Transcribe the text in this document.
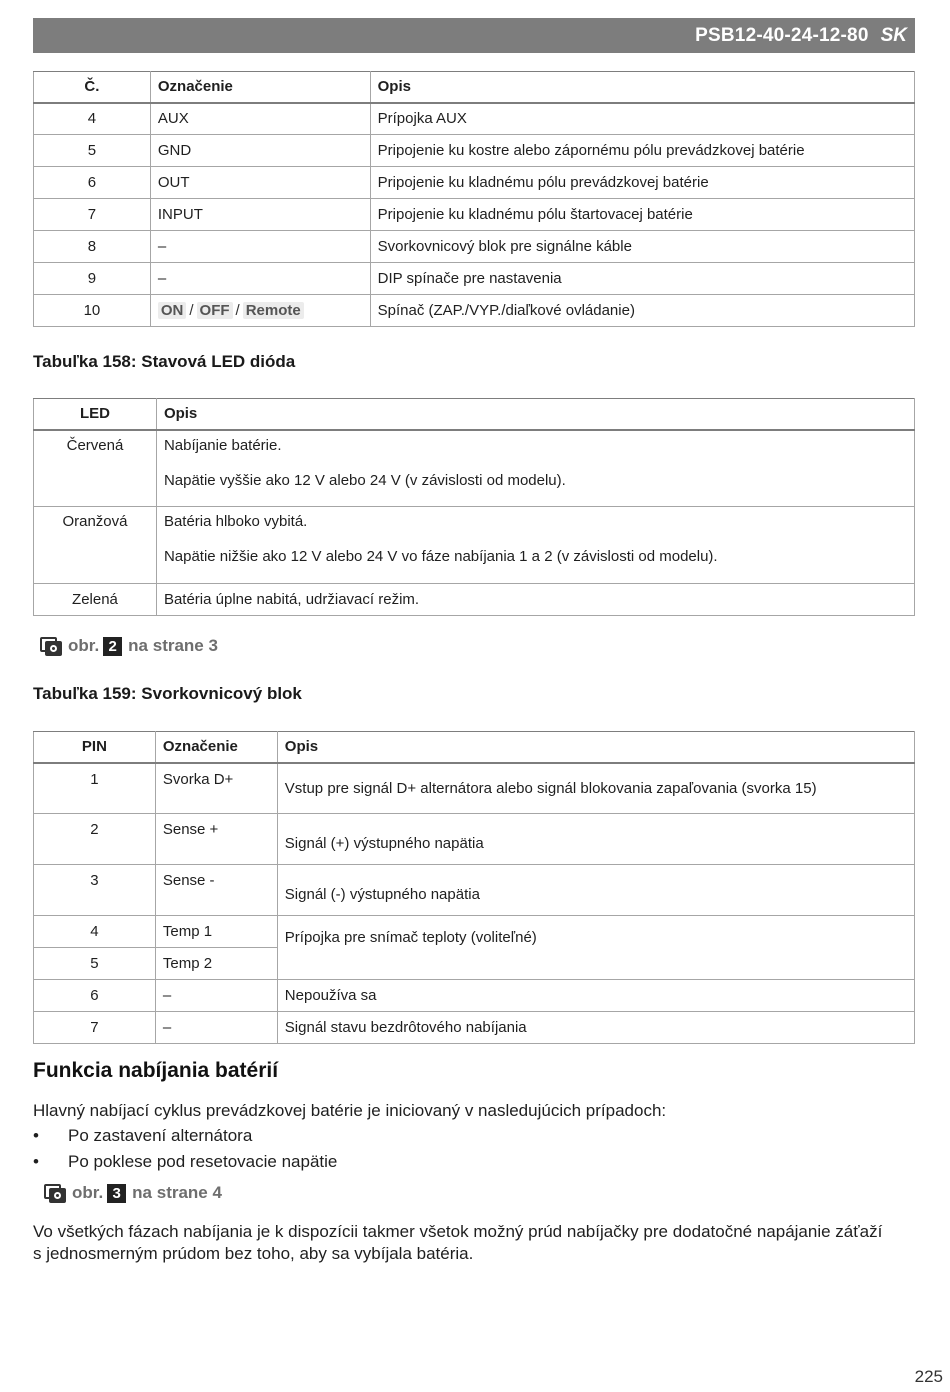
PSB12-40-24-12-80 SK
Č.	Označenie	Opis
4	AUX	Prípojka AUX
5	GND	Pripojenie ku kostre alebo zápornému pólu prevádzkovej batérie
6	OUT	Pripojenie ku kladnému pólu prevádzkovej batérie
7	INPUT	Pripojenie ku kladnému pólu štartovacej batérie
8	–	Svorkovnicový blok pre signálne káble
9	–	DIP spínače pre nastavenia
10	ON / OFF / Remote	Spínač (ZAP./VYP./diaľkové ovládanie)
Tabuľka 158: Stavová LED dióda
LED	Opis
Červená	Nabíjanie batérie.

Napätie vyššie ako 12 V alebo 24 V (v závislosti od modelu).

Oranžová	Batéria hlboko vybitá.

Napätie nižšie ako 12 V alebo 24 V vo fáze nabíjania 1 a 2 (v závislosti od modelu).

Zelená	Batéria úplne nabitá, udržiavací režim.
obr. 2 na strane 3
Tabuľka 159: Svorkovnicový blok
PIN	Označenie	Opis
1	Svorka D+	Vstup pre signál D+ alternátora alebo signál blokovania zapaľovania (svorka 15)
2	Sense +	Signál (+) výstupného napätia
3	Sense -	Signál (-) výstupného napätia
4	Temp 1	Prípojka pre snímač teploty (voliteľné)
5	Temp 2	
6	–	Nepoužíva sa
7	–	Signál stavu bezdrôtového nabíjania
Funkcia nabíjania batérií
Hlavný nabíjací cyklus prevádzkovej batérie je iniciovaný v nasledujúcich prípadoch:
•	Po zastavení alternátora
•	Po poklese pod resetovacie napätie
obr. 3 na strane 4
Vo všetkých fázach nabíjania je k dispozícii takmer všetok možný prúd nabíjačky pre dodatočné napájanie záťaží
s jednosmerným prúdom bez toho, aby sa vybíjala batéria.
225
